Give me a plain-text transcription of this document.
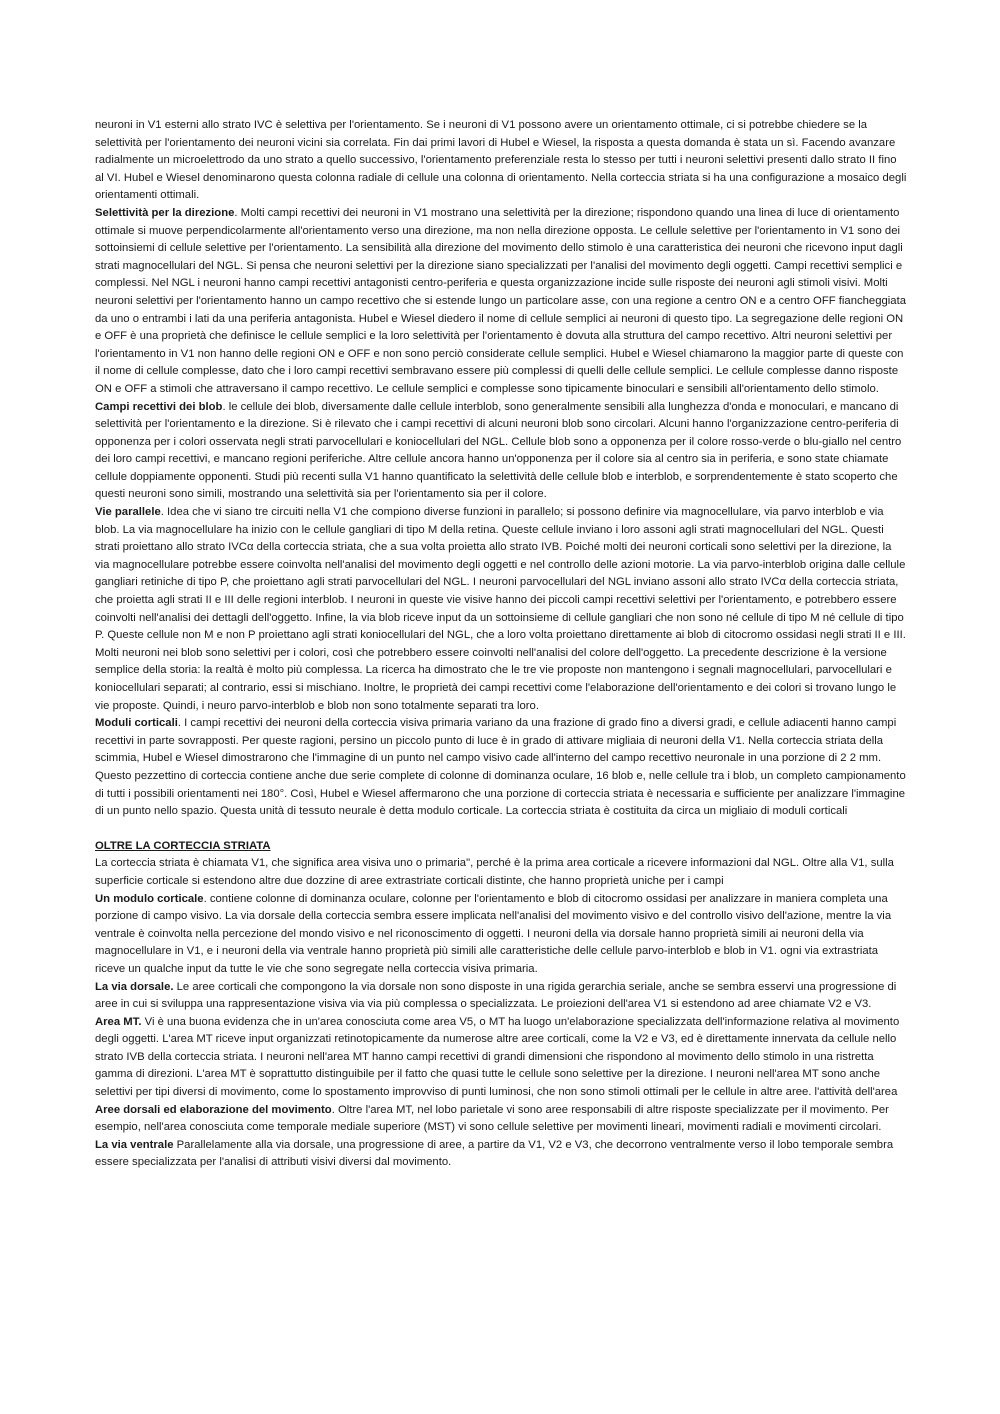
neuroni in V1 esterni allo strato IVC è selettiva per l'orientamento. Se i neuroni di V1 possono avere un orientamento ottimale, ci si potrebbe chiedere se la selettività per l'orientamento dei neuroni vicini sia correlata. Fin dai primi lavori di Hubel e Wiesel, la risposta a questa domanda è stata un sì. Facendo avanzare radialmente un microelettrodo da uno strato a quello successivo, l'orientamento preferenziale resta lo stesso per tutti i neuroni selettivi presenti dallo strato II fino al VI. Hubel e Wiesel denominarono questa colonna radiale di cellule una colonna di orientamento. Nella corteccia striata si ha una configurazione a mosaico degli orientamenti ottimali.

Selettività per la direzione. Molti campi recettivi dei neuroni in V1 mostrano una selettività per la direzione; rispondono quando una linea di luce di orientamento ottimale si muove perpendicolarmente all'orientamento verso una direzione, ma non nella direzione opposta. Le cellule selettive per l'orientamento in V1 sono dei sottoinsiemi di cellule selettive per l'orientamento. La sensibilità alla direzione del movimento dello stimolo è una caratteristica dei neuroni che ricevono input dagli strati magnocellulari del NGL. Si pensa che neuroni selettivi per la direzione siano specializzati per l'analisi del movimento degli oggetti. Campi recettivi semplici e complessi. Nel NGL i neuroni hanno campi recettivi antagonisti centro-periferia e questa organizzazione incide sulle risposte dei neuroni agli stimoli visivi. Molti neuroni selettivi per l'orientamento hanno un campo recettivo che si estende lungo un particolare asse, con una regione a centro ON e a centro OFF fiancheggiata da uno o entrambi i lati da una periferia antagonista. Hubel e Wiesel diedero il nome di cellule semplici ai neuroni di questo tipo. La segregazione delle regioni ON e OFF è una proprietà che definisce le cellule semplici e la loro selettività per l'orientamento è dovuta alla struttura del campo recettivo. Altri neuroni selettivi per l'orientamento in V1 non hanno delle regioni ON e OFF e non sono perciò considerate cellule semplici. Hubel e Wiesel chiamarono la maggior parte di queste con il nome di cellule complesse, dato che i loro campi recettivi sembravano essere più complessi di quelli delle cellule semplici. Le cellule complesse danno risposte ON e OFF a stimoli che attraversano il campo recettivo. Le cellule semplici e complesse sono tipicamente binoculari e sensibili all'orientamento dello stimolo.

Campi recettivi dei blob. le cellule dei blob, diversamente dalle cellule interblob, sono generalmente sensibili alla lunghezza d'onda e monoculari, e mancano di selettività per l'orientamento e la direzione. Si è rilevato che i campi recettivi di alcuni neuroni blob sono circolari. Alcuni hanno l'organizzazione centro-periferia di opponenza per i colori osservata negli strati parvocellulari e koniocellulari del NGL. Cellule blob sono a opponenza per il colore rosso-verde o blu-giallo nel centro dei loro campi recettivi, e mancano regioni periferiche. Altre cellule ancora hanno un'opponenza per il colore sia al centro sia in periferia, e sono state chiamate cellule doppiamente opponenti. Studi più recenti sulla V1 hanno quantificato la selettività delle cellule blob e interblob, e sorprendentemente è stato scoperto che questi neuroni sono simili, mostrando una selettività sia per l'orientamento sia per il colore.

Vie parallele. Idea che vi siano tre circuiti nella V1 che compiono diverse funzioni in parallelo; si possono definire via magnocellulare, via parvo interblob e via blob. La via magnocellulare ha inizio con le cellule gangliari di tipo M della retina. Queste cellule inviano i loro assoni agli strati magnocellulari del NGL. Questi strati proiettano allo strato IVCα della corteccia striata, che a sua volta proietta allo strato IVB. Poiché molti dei neuroni corticali sono selettivi per la direzione, la via magnocellulare potrebbe essere coinvolta nell'analisi del movimento degli oggetti e nel controllo delle azioni motorie. La via parvo-interblob origina dalle cellule gangliari retiniche di tipo P, che proiettano agli strati parvocellulari del NGL. I neuroni parvocellulari del NGL inviano assoni allo strato IVCα della corteccia striata, che proietta agli strati II e III delle regioni interblob. I neuroni in queste vie visive hanno dei piccoli campi recettivi selettivi per l'orientamento, e potrebbero essere coinvolti nell'analisi dei dettagli dell'oggetto. Infine, la via blob riceve input da un sottoinsieme di cellule gangliari che non sono né cellule di tipo M né cellule di tipo P. Queste cellule non M e non P proiettano agli strati koniocellulari del NGL, che a loro volta proiettano direttamente ai blob di citocromo ossidasi negli strati II e III. Molti neuroni nei blob sono selettivi per i colori, così che potrebbero essere coinvolti nell'analisi del colore dell'oggetto. La precedente descrizione è la versione semplice della storia: la realtà è molto più complessa. La ricerca ha dimostrato che le tre vie proposte non mantengono i segnali magnocellulari, parvocellulari e koniocellulari separati; al contrario, essi si mischiano. Inoltre, le proprietà dei campi recettivi come l'elaborazione dell'orientamento e dei colori si trovano lungo le vie proposte. Quindi, i neuro parvo-interblob e blob non sono totalmente separati tra loro.

Moduli corticali. I campi recettivi dei neuroni della corteccia visiva primaria variano da una frazione di grado fino a diversi gradi, e cellule adiacenti hanno campi recettivi in parte sovrapposti. Per queste ragioni, persino un piccolo punto di luce è in grado di attivare migliaia di neuroni della V1. Nella corteccia striata della scimmia, Hubel e Wiesel dimostrarono che l'immagine di un punto nel campo visivo cade all'interno del campo recettivo neuronale in una porzione di 2 2 mm. Questo pezzettino di corteccia contiene anche due serie complete di colonne di dominanza oculare, 16 blob e, nelle cellule tra i blob, un completo campionamento di tutti i possibili orientamenti nei 180°. Così, Hubel e Wiesel affermarono che una porzione di corteccia striata è necessaria e sufficiente per analizzare l'immagine di un punto nello spazio. Questa unità di tessuto neurale è detta modulo corticale. La corteccia striata è costituita da circa un migliaio di moduli corticali

OLTRE LA CORTECCIA STRIATA

La corteccia striata è chiamata V1, che significa area visiva uno o primaria", perché è la prima area corticale a ricevere informazioni dal NGL. Oltre alla V1, sulla superficie corticale si estendono altre due dozzine di aree extrastriate corticali distinte, che hanno proprietà uniche per i campi

Un modulo corticale. contiene colonne di dominanza oculare, colonne per l'orientamento e blob di citocromo ossidasi per analizzare in maniera completa una porzione di campo visivo. La via dorsale della corteccia sembra essere implicata nell'analisi del movimento visivo e del controllo visivo dell'azione, mentre la via ventrale è coinvolta nella percezione del mondo visivo e nel riconoscimento di oggetti. I neuroni della via dorsale hanno proprietà simili ai neuroni della via magnocellulare in V1, e i neuroni della via ventrale hanno proprietà più simili alle caratteristiche delle cellule parvo-interblob e blob in V1. ogni via extrastriata riceve un qualche input da tutte le vie che sono segregate nella corteccia visiva primaria.

La via dorsale. Le aree corticali che compongono la via dorsale non sono disposte in una rigida gerarchia seriale, anche se sembra esservi una progressione di aree in cui si sviluppa una rappresentazione visiva via via più complessa o specializzata. Le proiezioni dell'area V1 si estendono ad aree chiamate V2 e V3.

Area MT. Vi è una buona evidenza che in un'area conosciuta come area V5, o MT ha luogo un'elaborazione specializzata dell'informazione relativa al movimento degli oggetti. L'area MT riceve input organizzati retinotopicamente da numerose altre aree corticali, come la V2 e V3, ed è direttamente innervata da cellule nello strato IVB della corteccia striata. I neuroni nell'area MT hanno campi recettivi di grandi dimensioni che rispondono al movimento dello stimolo in una ristretta gamma di direzioni. L'area MT è soprattutto distinguibile per il fatto che quasi tutte le cellule sono selettive per la direzione. I neuroni nell'area MT sono anche selettivi per tipi diversi di movimento, come lo spostamento improvviso di punti luminosi, che non sono stimoli ottimali per le cellule in altre aree. l'attività dell'area

Aree dorsali ed elaborazione del movimento. Oltre l'area MT, nel lobo parietale vi sono aree responsabili di altre risposte specializzate per il movimento. Per esempio, nell'area conosciuta come temporale mediale superiore (MST) vi sono cellule selettive per movimenti lineari, movimenti radiali e movimenti circolari.

La via ventrale Parallelamente alla via dorsale, una progressione di aree, a partire da V1, V2 e V3, che decorrono ventralmente verso il lobo temporale sembra essere specializzata per l'analisi di attributi visivi diversi dal movimento.
